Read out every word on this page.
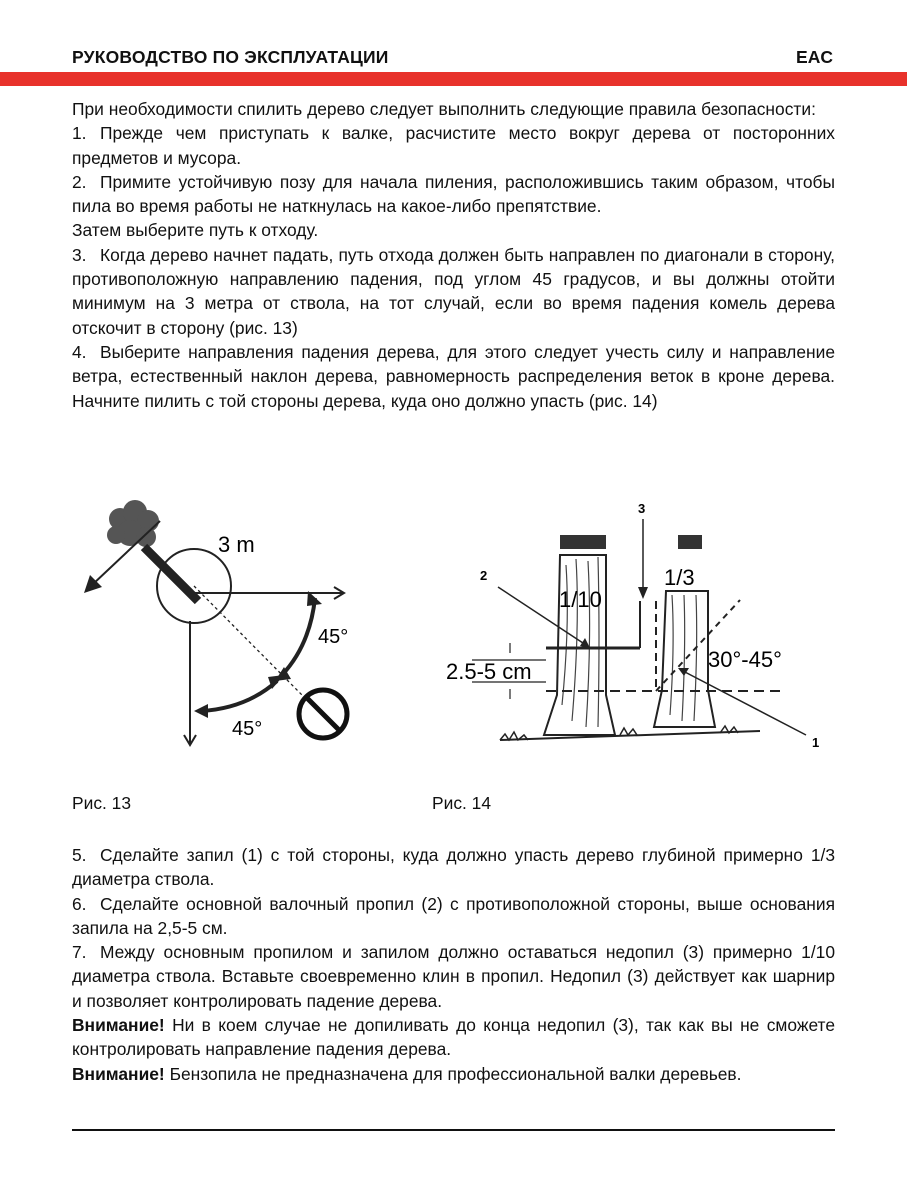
РУКОВОДСТВО ПО ЭКСПЛУАТАЦИИ	EAC

При необходимости спилить дерево следует выполнить следующие правила безопасности:

1. Прежде чем приступать к валке, расчистите место вокруг дерева от посторонних предметов и мусора.

2. Примите устойчивую позу для начала пиления, расположившись таким образом, чтобы пила во время работы не наткнулась на какое-либо препятствие.

Затем выберите путь к отходу.

3. Когда дерево начнет падать, путь отхода должен быть направлен по диагонали в сторону, противоположную направлению падения, под углом 45 градусов, и вы должны отойти минимум на 3 метра от ствола, на тот случай, если во время падения комель дерева отскочит в сторону (рис. 13)

4. Выберите направления падения дерева, для этого следует учесть силу и направление ветра, естественный наклон дерева, равномерность распределения веток в кроне дерева. Начните пилить с той стороны дерева, куда оно должно упасть (рис. 14)

3 m
45°
45°
Рис. 13
2.5-5 cm
1/10
1/3
30°-45°
3
2
1
Рис. 14

5. Сделайте запил (1) с той стороны, куда должно упасть дерево глубиной примерно 1/3 диаметра ствола.

6. Сделайте основной валочный пропил (2) с противоположной стороны, выше основания запила на 2,5-5 см.

7. Между основным пропилом и запилом должно оставаться недопил (3) примерно 1/10 диаметра ствола. Вставьте своевременно клин в пропил. Недопил (3) действует как шарнир и позволяет контролировать падение дерева.

Внимание! Ни в коем случае не допиливать до конца недопил (3), так как вы не сможете контролировать направление падения дерева.

Внимание! Бензопила не предназначена для профессиональной валки деревьев.
